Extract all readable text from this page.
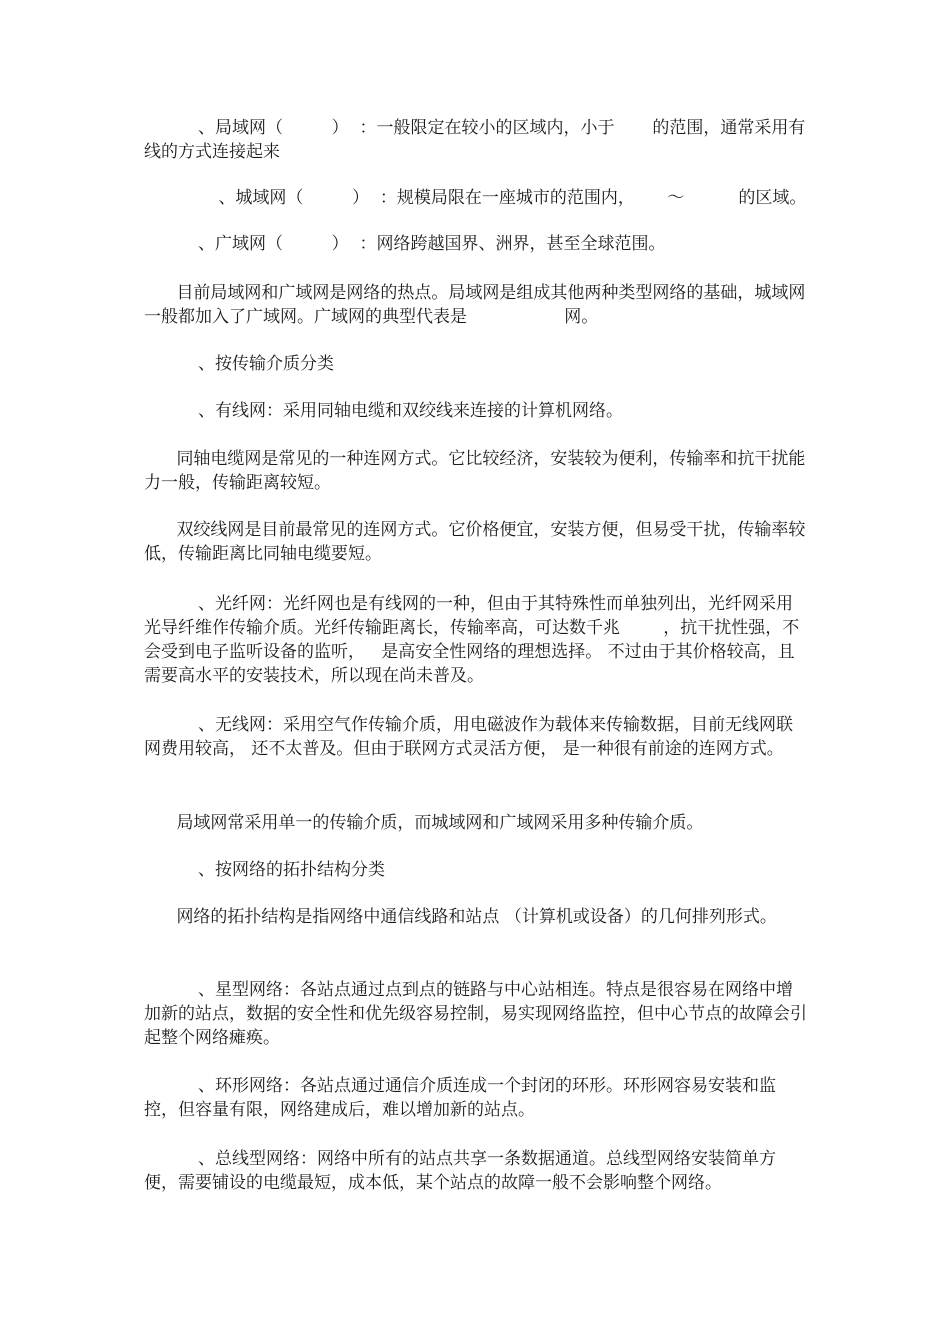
、局域网（         ）  ：一般限定在较小的区域内，小于       的范围，通常采用有线的方式连接起来
、城域网（         ）  ：规模局限在一座城市的范围内，      ～          的区域。
、广域网（         ）  ：网络跨越国界、洲界，甚至全球范围。
目前局域网和广域网是网络的热点。局域网是组成其他两种类型网络的基础，城域网一般都加入了广域网。广域网的典型代表是                  网。
、按传输介质分类
、有线网：采用同轴电缆和双绞线来连接的计算机网络。
同轴电缆网是常见的一种连网方式。它比较经济，安装较为便利，传输率和抗干扰能力一般，传输距离较短。
双绞线网是目前最常见的连网方式。它价格便宜，安装方便，但易受干扰，传输率较低，传输距离比同轴电缆要短。
、光纤网：光纤网也是有线网的一种，但由于其特殊性而单独列出，光纤网采用光导纤维作传输介质。光纤传输距离长，传输率高，可达数千兆        ，抗干扰性强，不会受到电子监听设备的监听，   是高安全性网络的理想选择。 不过由于其价格较高，且需要高水平的安装技术，所以现在尚未普及。
、无线网：采用空气作传输介质，用电磁波作为载体来传输数据，目前无线网联网费用较高， 还不太普及。但由于联网方式灵活方便， 是一种很有前途的连网方式。
局域网常采用单一的传输介质，而城域网和广域网采用多种传输介质。
、按网络的拓扑结构分类
网络的拓扑结构是指网络中通信线路和站点 （计算机或设备）的几何排列形式。
、星型网络：各站点通过点到点的链路与中心站相连。特点是很容易在网络中增加新的站点，数据的安全性和优先级容易控制，易实现网络监控，但中心节点的故障会引起整个网络瘫痪。
、环形网络：各站点通过通信介质连成一个封闭的环形。环形网容易安装和监控，但容量有限，网络建成后，难以增加新的站点。
、总线型网络：网络中所有的站点共享一条数据通道。总线型网络安装简单方便，需要铺设的电缆最短，成本低，某个站点的故障一般不会影响整个网络。
